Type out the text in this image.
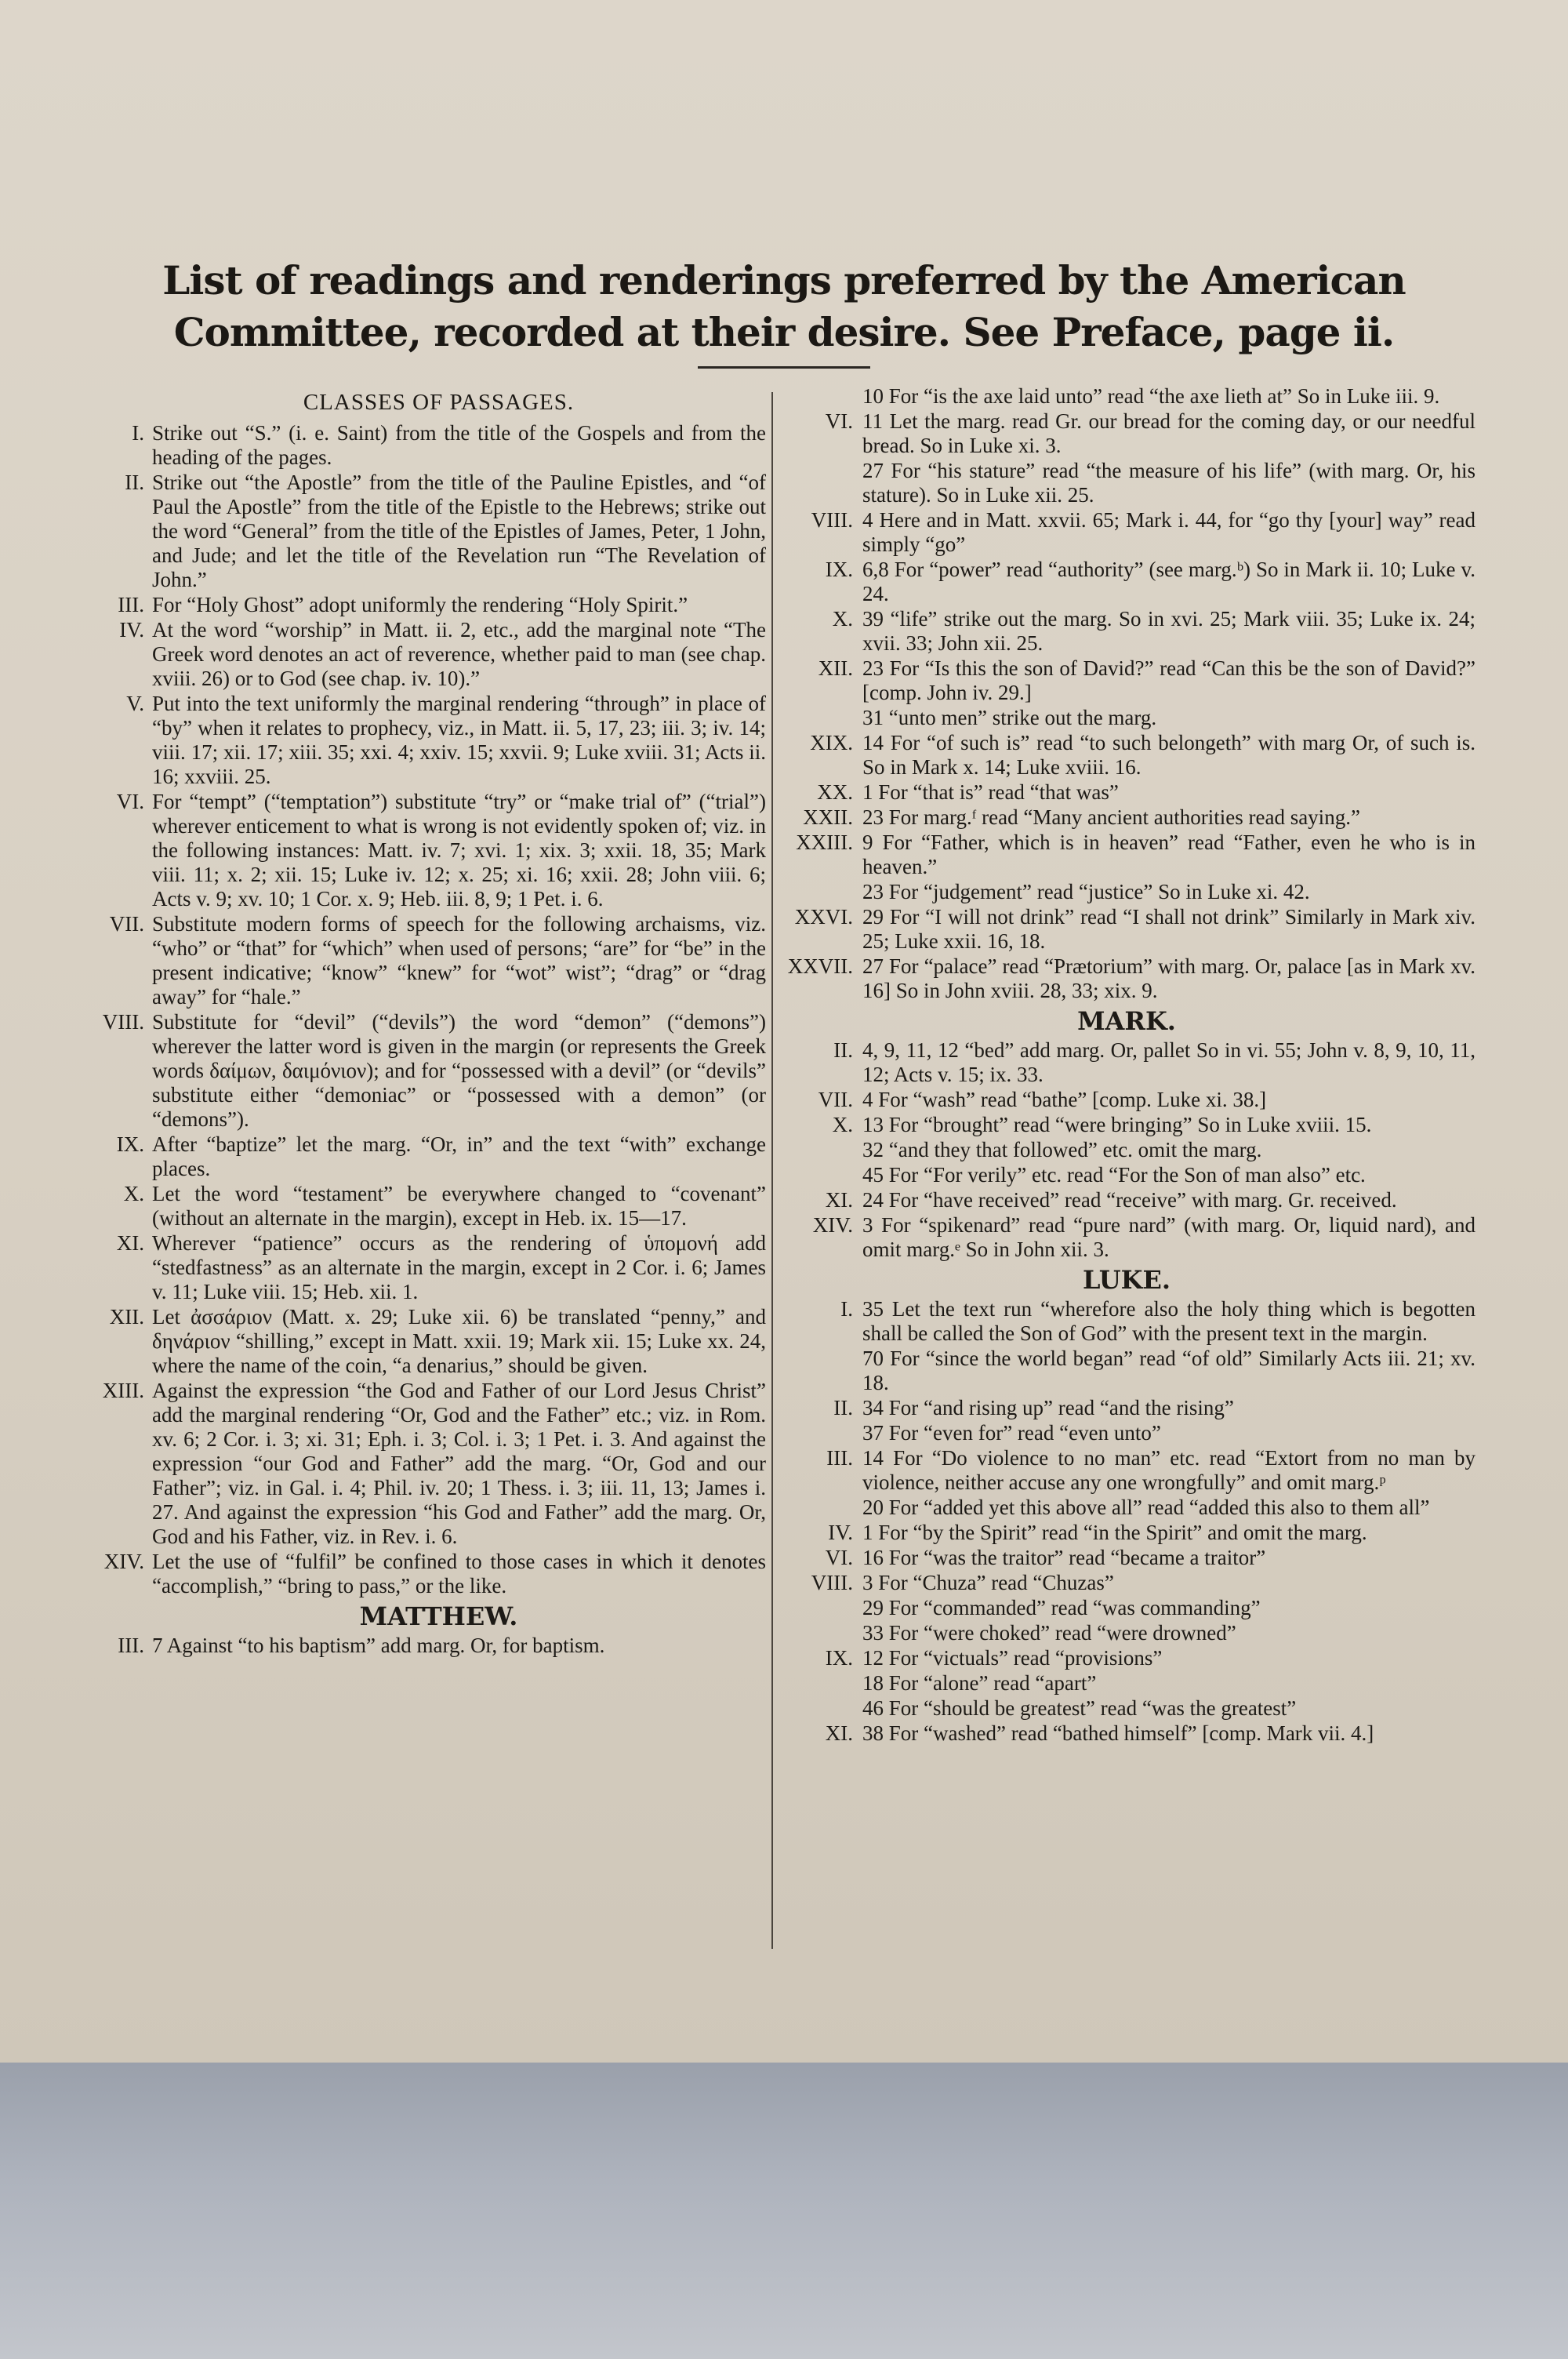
List of readings and renderings preferred by the American Committee, recorded at their desire. See Preface, page ii.
CLASSES OF PASSAGES.
I. Strike out “S.” (i. e. Saint) from the title of the Gospels and from the heading of the pages.
II. Strike out “the Apostle” from the title of the Pauline Epistles, and “of Paul the Apostle” from the title of the Epistle to the Hebrews; strike out the word “General” from the title of the Epistles of James, Peter, 1 John, and Jude; and let the title of the Revelation run “The Revelation of John.”
III. For “Holy Ghost” adopt uniformly the rendering “Holy Spirit.”
IV. At the word “worship” in Matt. ii. 2, etc., add the marginal note “The Greek word denotes an act of reverence, whether paid to man (see chap. xviii. 26) or to God (see chap. iv. 10).”
V. Put into the text uniformly the marginal rendering “through” in place of “by” when it relates to prophecy, viz., in Matt. ii. 5, 17, 23; iii. 3; iv. 14; viii. 17; xii. 17; xiii. 35; xxi. 4; xxiv. 15; xxvii. 9; Luke xviii. 31; Acts ii. 16; xxviii. 25.
VI. For “tempt” (“temptation”) substitute “try” or “make trial of” (“trial”) wherever enticement to what is wrong is not evidently spoken of; viz. in the following instances: Matt. iv. 7; xvi. 1; xix. 3; xxii. 18, 35; Mark viii. 11; x. 2; xii. 15; Luke iv. 12; x. 25; xi. 16; xxii. 28; John viii. 6; Acts v. 9; xv. 10; 1 Cor. x. 9; Heb. iii. 8, 9; 1 Pet. i. 6.
VII. Substitute modern forms of speech for the following archaisms, viz. “who” or “that” for “which” when used of persons; “are” for “be” in the present indicative; “know” “knew” for “wot” wist”; “drag” or “drag away” for “hale.”
VIII. Substitute for “devil” (“devils”) the word “demon” (“demons”) wherever the latter word is given in the margin (or represents the Greek words δαίμων, δαιμόνιον); and for “possessed with a devil” (or “devils” substitute either “demoniac” or “possessed with a demon” (or “demons”).
IX. After “baptize” let the marg. “Or, in” and the text “with” exchange places.
X. Let the word “testament” be everywhere changed to “covenant” (without an alternate in the margin), except in Heb. ix. 15—17.
XI. Wherever “patience” occurs as the rendering of ὑπομονή add “stedfastness” as an alternate in the margin, except in 2 Cor. i. 6; James v. 11; Luke viii. 15; Heb. xii. 1.
XII. Let ἀσσάριον (Matt. x. 29; Luke xii. 6) be translated “penny,” and δηνάριον “shilling,” except in Matt. xxii. 19; Mark xii. 15; Luke xx. 24, where the name of the coin, “a denarius,” should be given.
XIII. Against the expression “the God and Father of our Lord Jesus Christ” add the marginal rendering “Or, God and the Father” etc.; viz. in Rom. xv. 6; 2 Cor. i. 3; xi. 31; Eph. i. 3; Col. i. 3; 1 Pet. i. 3. And against the expression “our God and Father” add the marg. “Or, God and our Father”; viz. in Gal. i. 4; Phil. iv. 20; 1 Thess. i. 3; iii. 11, 13; James i. 27. And against the expression “his God and Father” add the marg. Or, God and his Father, viz. in Rev. i. 6.
XIV. Let the use of “fulfil” be confined to those cases in which it denotes “accomplish,” “bring to pass,” or the like.
MATTHEW.
III. 7 Against “to his baptism” add marg. Or, for baptism.
10 For “is the axe laid unto” read “the axe lieth at” So in Luke iii. 9.
VI. 11 Let the marg. read Gr. our bread for the coming day, or our needful bread. So in Luke xi. 3.
27 For “his stature” read “the measure of his life” (with marg. Or, his stature). So in Luke xii. 25.
VIII. 4 Here and in Matt. xxvii. 65; Mark i. 44, for “go thy [your] way” read simply “go”
IX. 6,8 For “power” read “authority” (see marg.ᵇ) So in Mark ii. 10; Luke v. 24.
X. 39 “life” strike out the marg. So in xvi. 25; Mark viii. 35; Luke ix. 24; xvii. 33; John xii. 25.
XII. 23 For “Is this the son of David?” read “Can this be the son of David?” [comp. John iv. 29.]
31 “unto men” strike out the marg.
XIX. 14 For “of such is” read “to such belongeth” with marg Or, of such is. So in Mark x. 14; Luke xviii. 16.
XX. 1 For “that is” read “that was”
XXII. 23 For marg.ᶠ read “Many ancient authorities read saying.”
XXIII. 9 For “Father, which is in heaven” read “Father, even he who is in heaven.”
23 For “judgement” read “justice” So in Luke xi. 42.
XXVI. 29 For “I will not drink” read “I shall not drink” Similarly in Mark xiv. 25; Luke xxii. 16, 18.
XXVII. 27 For “palace” read “Prætorium” with marg. Or, palace [as in Mark xv. 16] So in John xviii. 28, 33; xix. 9.
MARK.
II. 4, 9, 11, 12 “bed” add marg. Or, pallet So in vi. 55; John v. 8, 9, 10, 11, 12; Acts v. 15; ix. 33.
VII. 4 For “wash” read “bathe” [comp. Luke xi. 38.]
X. 13 For “brought” read “were bringing” So in Luke xviii. 15.
32 “and they that followed” etc. omit the marg.
45 For “For verily” etc. read “For the Son of man also” etc.
XI. 24 For “have received” read “receive” with marg. Gr. received.
XIV. 3 For “spikenard” read “pure nard” (with marg. Or, liquid nard), and omit marg.ᵉ So in John xii. 3.
LUKE.
I. 35 Let the text run “wherefore also the holy thing which is begotten shall be called the Son of God” with the present text in the margin.
70 For “since the world began” read “of old” Similarly Acts iii. 21; xv. 18.
II. 34 For “and rising up” read “and the rising”
37 For “even for” read “even unto”
III. 14 For “Do violence to no man” etc. read “Extort from no man by violence, neither accuse any one wrongfully” and omit marg.ᵖ
20 For “added yet this above all” read “added this also to them all”
IV. 1 For “by the Spirit” read “in the Spirit” and omit the marg.
VI. 16 For “was the traitor” read “became a traitor”
VIII. 3 For “Chuza” read “Chuzas”
29 For “commanded” read “was commanding”
33 For “were choked” read “were drowned”
IX. 12 For “victuals” read “provisions”
18 For “alone” read “apart”
46 For “should be greatest” read “was the greatest”
XI. 38 For “washed” read “bathed himself” [comp. Mark vii. 4.]
